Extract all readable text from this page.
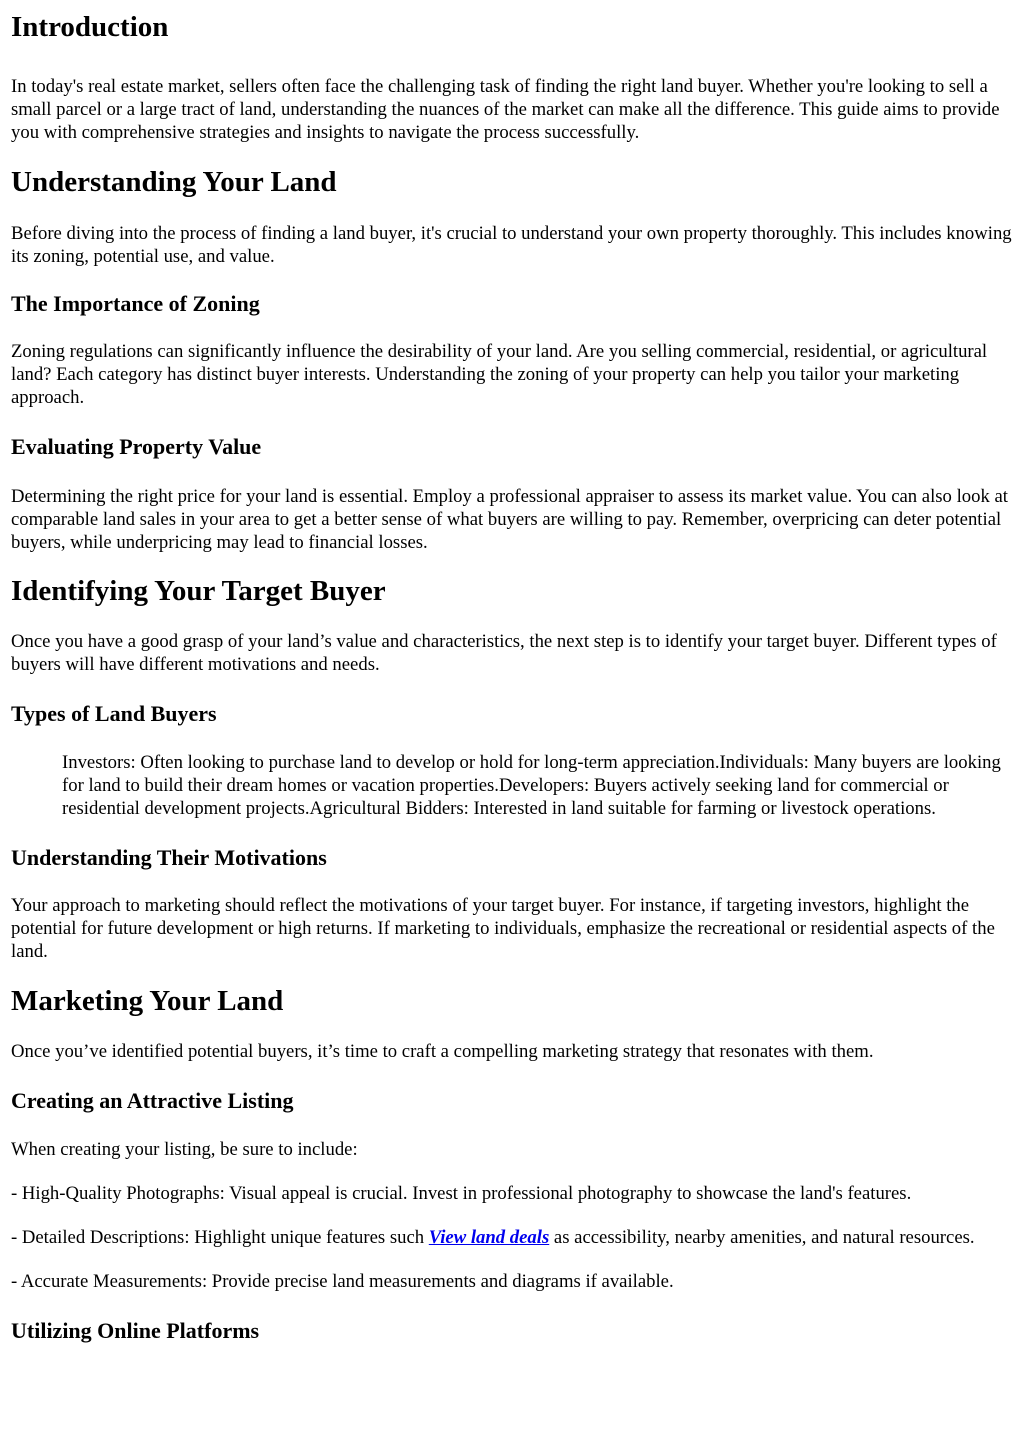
Introduction

In today's real estate market, sellers often face the challenging task of finding the right land buyer. Whether you're looking to sell a small parcel or a large tract of land, understanding the nuances of the market can make all the difference. This guide aims to provide you with comprehensive strategies and insights to navigate the process successfully.

Understanding Your Land

Before diving into the process of finding a land buyer, it's crucial to understand your own property thoroughly. This includes knowing its zoning, potential use, and value.

The Importance of Zoning

Zoning regulations can significantly influence the desirability of your land. Are you selling commercial, residential, or agricultural land? Each category has distinct buyer interests. Understanding the zoning of your property can help you tailor your marketing approach.

Evaluating Property Value

Determining the right price for your land is essential. Employ a professional appraiser to assess its market value. You can also look at comparable land sales in your area to get a better sense of what buyers are willing to pay. Remember, overpricing can deter potential buyers, while underpricing may lead to financial losses.

Identifying Your Target Buyer

Once you have a good grasp of your land’s value and characteristics, the next step is to identify your target buyer. Different types of buyers will have different motivations and needs.

Types of Land Buyers

Investors: Often looking to purchase land to develop or hold for long-term appreciation.Individuals: Many buyers are looking for land to build their dream homes or vacation properties.Developers: Buyers actively seeking land for commercial or residential development projects.Agricultural Bidders: Interested in land suitable for farming or livestock operations.

Understanding Their Motivations

Your approach to marketing should reflect the motivations of your target buyer. For instance, if targeting investors, highlight the potential for future development or high returns. If marketing to individuals, emphasize the recreational or residential aspects of the land.

Marketing Your Land

Once you’ve identified potential buyers, it’s time to craft a compelling marketing strategy that resonates with them.

Creating an Attractive Listing

When creating your listing, be sure to include:

- High-Quality Photographs: Visual appeal is crucial. Invest in professional photography to showcase the land's features.

- Detailed Descriptions: Highlight unique features such View land deals as accessibility, nearby amenities, and natural resources.

- Accurate Measurements: Provide precise land measurements and diagrams if available.

Utilizing Online Platforms
